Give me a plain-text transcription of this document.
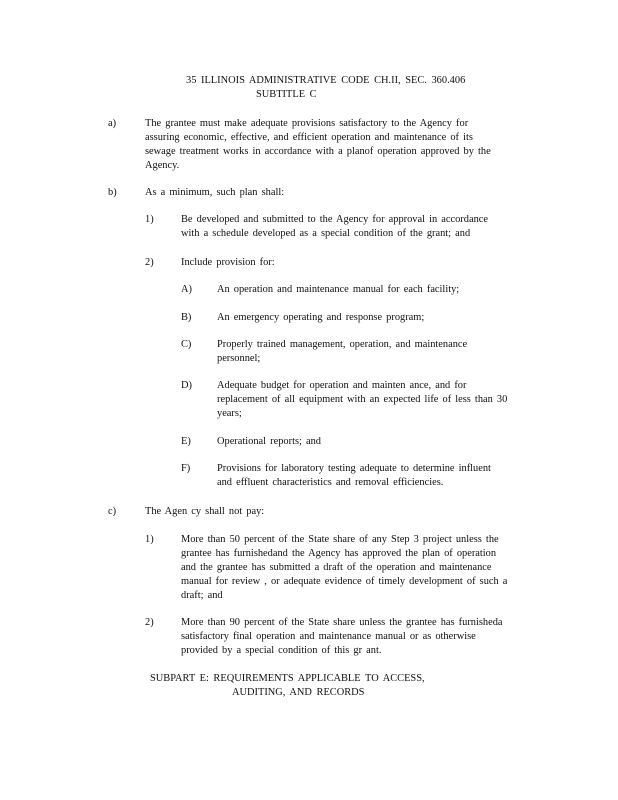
35 ILLINOIS ADMINISTRATIVE CODE CH.II, SEC. 360.406
SUBTITLE C
a)	The grantee must make adequate provisions satisfactory to the Agency for
assuring economic, effective, and efficient operation and maintenance of its
sewage treatment works in accordance with a planof operation approved by the
Agency.
b)	As a minimum, such plan shall:
1)	Be developed and submitted to the Agency for approval in accordance
with a schedule developed as a special condition of the grant; and
2)	Include provision for:
A) An operation and maintenance manual for each facility;
B) An emergency operating and response program;
C) Properly trained management, operation, and maintenance
personnel;
D) Adequate budget for operation and mainten ance, and for
replacement of all equipment with an expected life of less than 30
years;
E)	Operational reports; and
F)	Provisions for laboratory testing adequate to determine influent
and effluent characteristics and removal efficiencies.
c)	The Agen cy shall not pay:
1)	More than 50 percent of the State share of any Step 3 project unless the
grantee has furnishedand the Agency has approved the plan of operation
and the grantee has submitted a draft of the operation and maintenance
manual for review , or adequate evidence of timely development of such a
draft; and
2)	More than 90 percent of the State share unless the grantee has furnisheda
satisfactory final operation and maintenance manual or as otherwise
provided by a special condition of this gr ant.
SUBPART E: REQUIREMENTS APPLICABLE TO ACCESS,
AUDITING, AND RECORDS
